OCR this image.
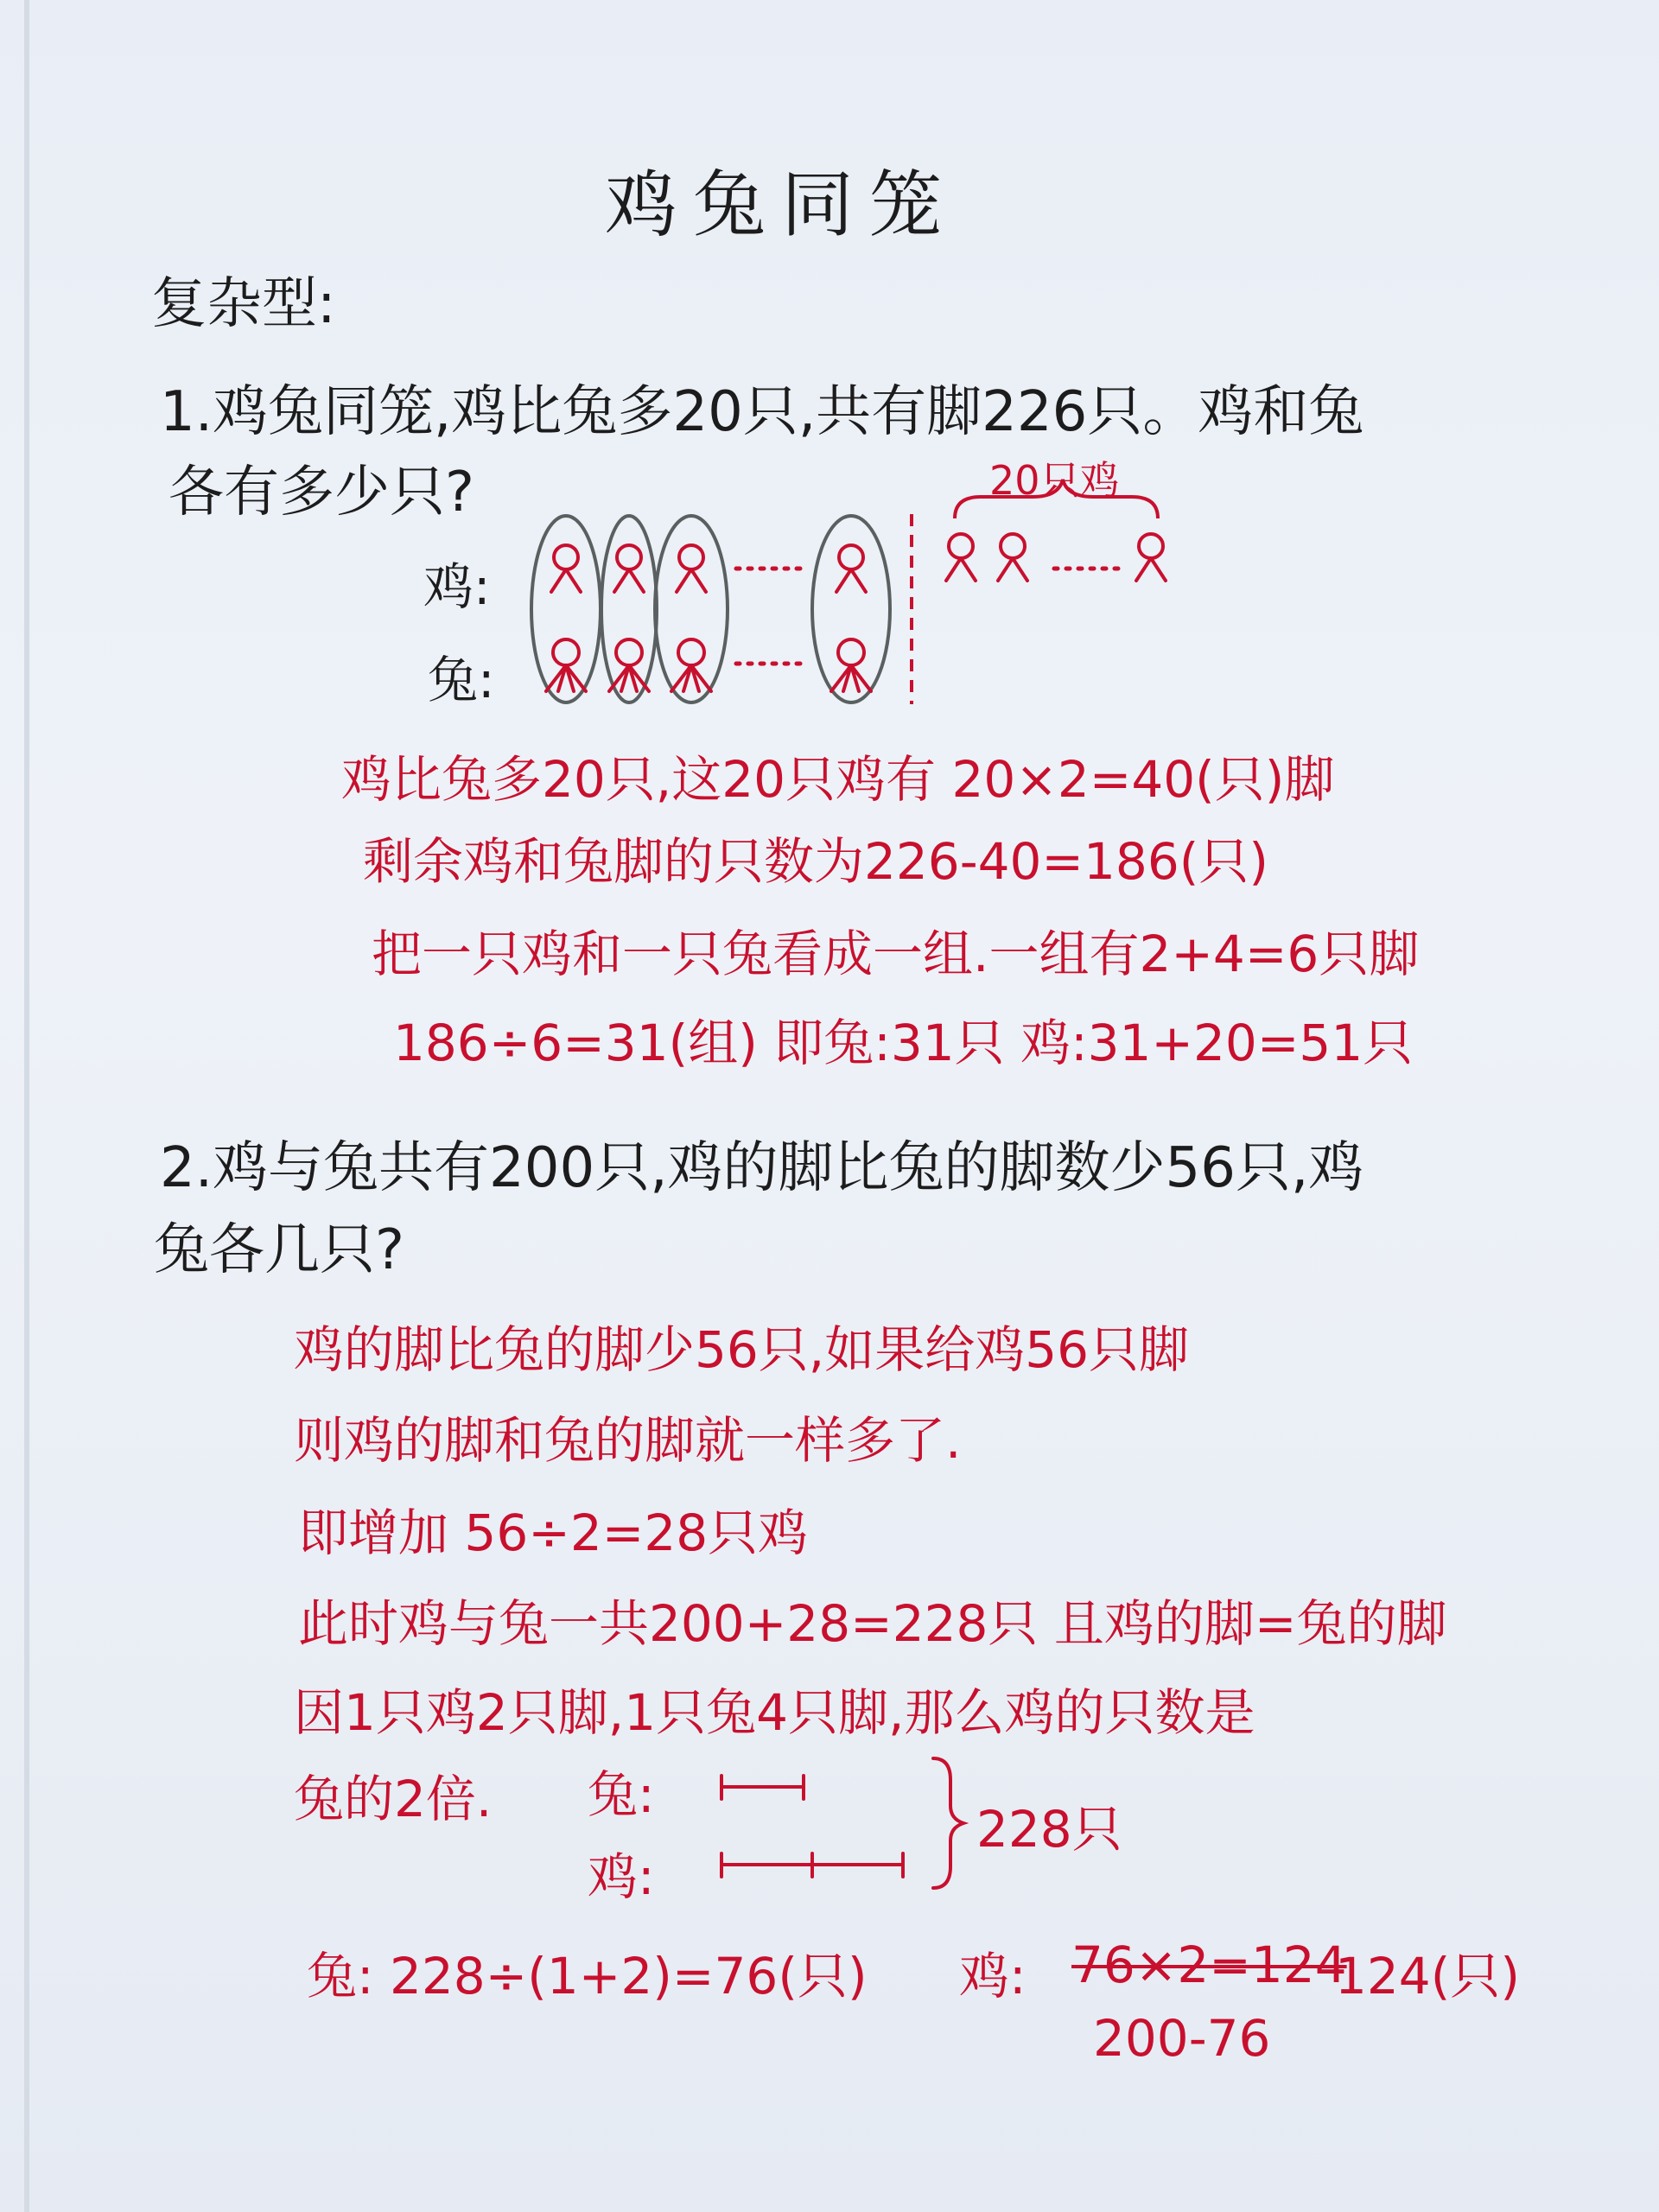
鸡兔同笼
复杂型:
1.鸡兔同笼,鸡比兔多20只,共有脚226只。鸡和兔
各有多少只?
鸡:
兔:
20只鸡
鸡比兔多20只,这20只鸡有 20×2=40(只)脚
剩余鸡和兔脚的只数为226-40=186(只)
把一只鸡和一只兔看成一组.一组有2+4=6只脚
186÷6=31(组) 即兔:31只 鸡:31+20=51只
2.鸡与兔共有200只,鸡的脚比兔的脚数少56只,鸡
兔各几只?
鸡的脚比兔的脚少56只,如果给鸡56只脚
则鸡的脚和兔的脚就一样多了.
即增加 56÷2=28只鸡
此时鸡与兔一共200+28=228只 且鸡的脚=兔的脚
因1只鸡2只脚,1只兔4只脚,那么鸡的只数是
兔的2倍. 兔:
鸡:
228只
兔: 228÷(1+2)=76(只) 鸡: 76×2=124
124(只)
200-76
